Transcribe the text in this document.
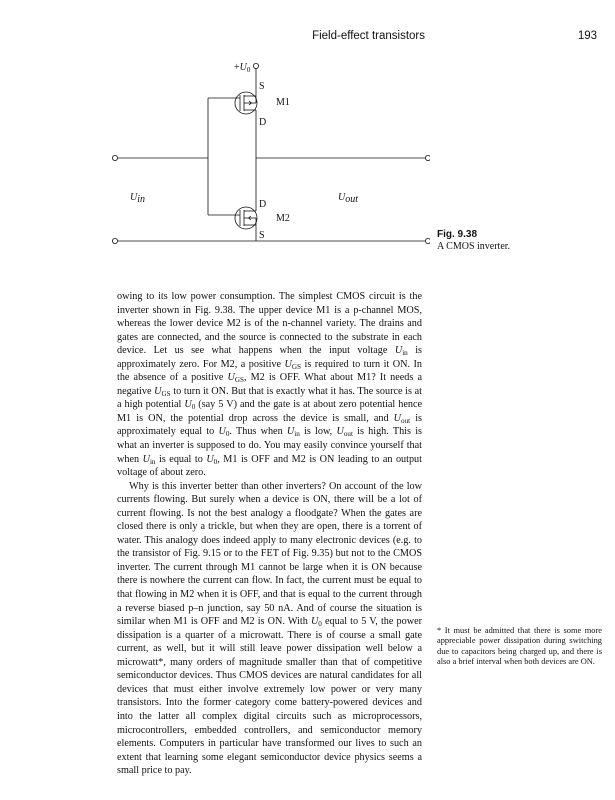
Field-effect transistors	193
$+U_0$
S
D
M1
D
S
M2
Uin	Uout
Fig. 9.38
A CMOS inverter.

owing to its low power consumption. The simplest CMOS circuit is the inverter shown in Fig. 9.38. The upper device M1 is a p-channel MOS, whereas the lower device M2 is of the n-channel variety. The drains and gates are connected, and the source is connected to the substrate in each device. Let us see what happens when the input voltage $U_{in}$ is approximately zero. For M2, a positive $U_{GS}$ is required to turn it ON. In the absence of a positive $U_{GS}$, M2 is OFF. What about M1? It needs a negative $U_{GS}$ to turn it ON. But that is exactly what it has. The source is at a high potential $U_0$ (say 5 V) and the gate is at about zero potential hence M1 is ON, the potential drop across the device is small, and $U_{out}$ is approximately equal to $U_0$. Thus when $U_{in}$ is low, $U_{out}$ is high. This is what an inverter is supposed to do. You may easily convince yourself that when $U_{in}$ is equal to $U_0$, M1 is OFF and M2 is ON leading to an output voltage of about zero.

Why is this inverter better than other inverters? On account of the low currents flowing. But surely when a device is ON, there will be a lot of current flowing. Is not the best analogy a floodgate? When the gates are closed there is only a trickle, but when they are open, there is a torrent of water. This analogy does indeed apply to many electronic devices (e.g. to the transistor of Fig. 9.15 or to the FET of Fig. 9.35) but not to the CMOS inverter. The current through M1 cannot be large when it is ON because there is nowhere the current can flow. In fact, the current must be equal to that flowing in M2 when it is OFF, and that is equal to the current through a reverse biased p–n junction, say 50 nA. And of course the situation is similar when M1 is OFF and M2 is ON. With $U_0$ equal to 5 V, the power dissipation is a quarter of a microwatt. There is of course a small gate current, as well, but it will still leave power dissipation well below a microwatt*, many orders of magnitude smaller than that of competitive semiconductor devices. Thus CMOS devices are natural candidates for all devices that must either involve extremely low power or very many transistors. Into the former category come battery-powered devices and into the latter all complex digital circuits such as microprocessors, microcontrollers, embedded controllers, and semiconductor memory elements. Computers in particular have transformed our lives to such an extent that learning some elegant semiconductor device physics seems a small price to pay.

* It must be admitted that there is some more appreciable power dissipation during switching due to capacitors being charged up, and there is also a brief interval when both devices are ON.
